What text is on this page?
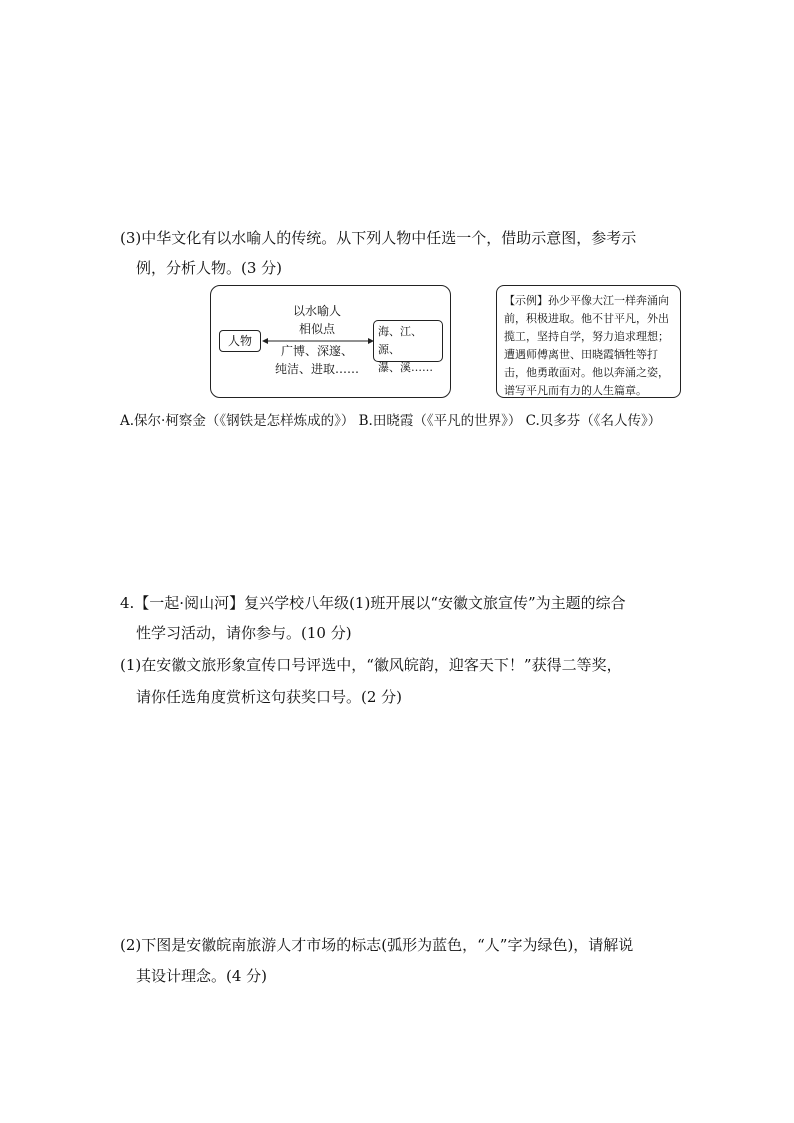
(3)中华文化有以水喻人的传统。从下列人物中任选一个，借助示意图，参考示
例，分析人物。(3 分)
以水喻人
相似点
人物
广博、深邃、
纯洁、进取……
海、江、源、
瀑、溪……
【示例】孙少平像大江一样奔涌向前，积极进取。他不甘平凡，外出揽工，坚持自学，努力追求理想；遭遇师傅离世、田晓霞牺牲等打击，他勇敢面对。他以奔涌之姿，谱写平凡而有力的人生篇章。
A.保尔·柯察金（《钢铁是怎样炼成的》） B.田晓霞（《平凡的世界》） C.贝多芬（《名人传》）
4.【一起·阅山河】复兴学校八年级(1)班开展以“安徽文旅宣传”为主题的综合
性学习活动，请你参与。(10 分)
(1)在安徽文旅形象宣传口号评选中，“徽风皖韵，迎客天下！”获得二等奖，
请你任选角度赏析这句获奖口号。(2 分)
(2)下图是安徽皖南旅游人才市场的标志(弧形为蓝色，“人”字为绿色)，请解说
其设计理念。(4 分)
